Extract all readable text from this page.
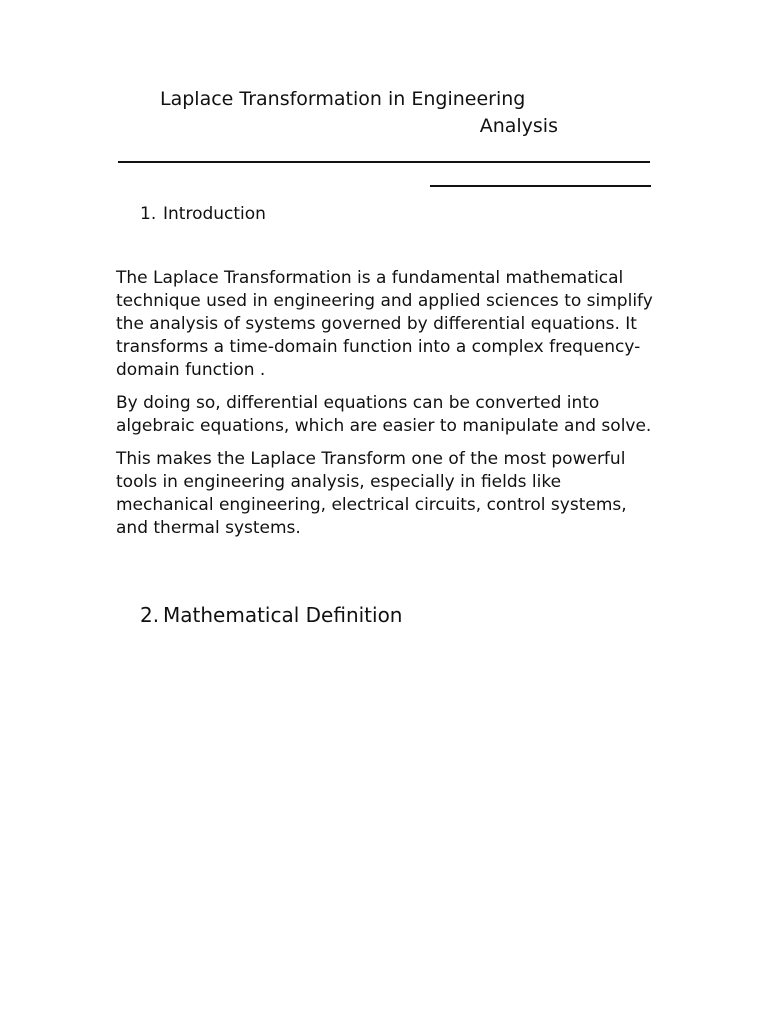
Laplace Transformation in Engineering
Analysis
1. Introduction

The Laplace Transformation is a fundamental mathematical technique used in engineering and applied sciences to simplify the analysis of systems governed by differential equations. It transforms a time-domain function into a complex frequency-domain function .

By doing so, differential equations can be converted into algebraic equations, which are easier to manipulate and solve.

This makes the Laplace Transform one of the most powerful tools in engineering analysis, especially in fields like mechanical engineering, electrical circuits, control systems, and thermal systems.

2. Mathematical Definition
